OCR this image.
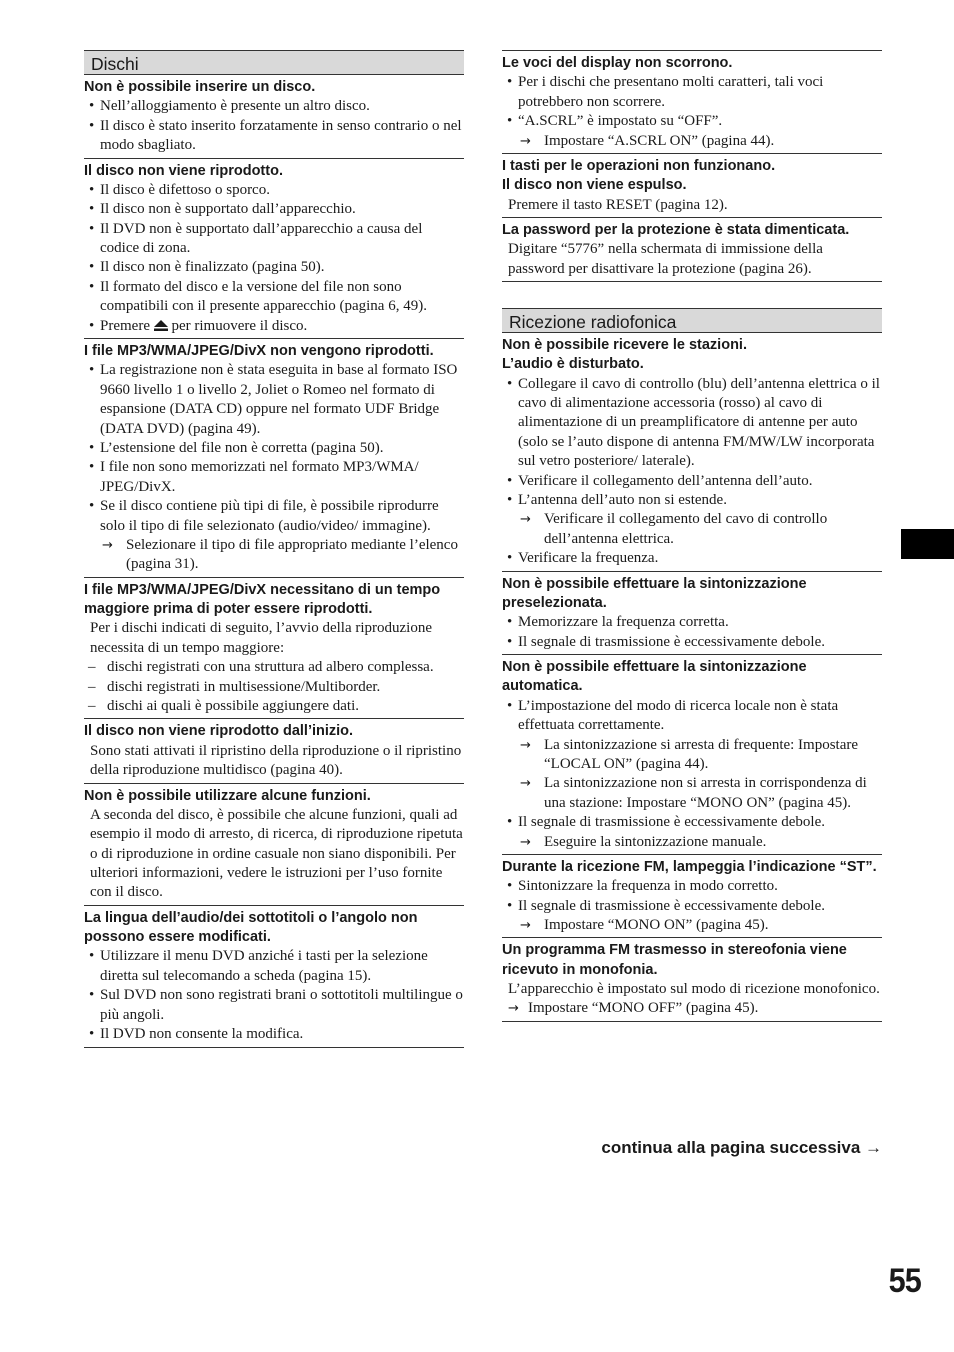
Dischi
Non è possibile inserire un disco.
• Nell’alloggiamento è presente un altro disco.
• Il disco è stato inserito forzatamente in senso contrario o nel modo sbagliato.
Il disco non viene riprodotto.
• Il disco è difettoso o sporco.
• Il disco non è supportato dall’apparecchio.
• Il DVD non è supportato dall’apparecchio a causa del codice di zona.
• Il disco non è finalizzato (pagina 50).
• Il formato del disco e la versione del file non sono compatibili con il presente apparecchio (pagina 6, 49).
• Premere  per rimuovere il disco.
I file MP3/WMA/JPEG/DivX non vengono riprodotti.
• La registrazione non è stata eseguita in base al formato ISO 9660 livello 1 o livello 2, Joliet o Romeo nel formato di espansione (DATA CD) oppure nel formato UDF Bridge (DATA DVD) (pagina 49).
• L’estensione del file non è corretta (pagina 50).
• I file non sono memorizzati nel formato MP3/WMA/ JPEG/DivX.
• Se il disco contiene più tipi di file, è possibile riprodurre solo il tipo di file selezionato (audio/video/ immagine).
→ Selezionare il tipo di file appropriato mediante l’elenco (pagina 31).
I file MP3/WMA/JPEG/DivX necessitano di un tempo maggiore prima di poter essere riprodotti.
Per i dischi indicati di seguito, l’avvio della riproduzione necessita di un tempo maggiore:
– dischi registrati con una struttura ad albero complessa.
– dischi registrati in multisessione/Multiborder.
– dischi ai quali è possibile aggiungere dati.
Il disco non viene riprodotto dall’inizio.
Sono stati attivati il ripristino della riproduzione o il ripristino della riproduzione multidisco (pagina 40).
Non è possibile utilizzare alcune funzioni.
A seconda del disco, è possibile che alcune funzioni, quali ad esempio il modo di arresto, di ricerca, di riproduzione ripetuta o di riproduzione in ordine casuale non siano disponibili. Per ulteriori informazioni, vedere le istruzioni per l’uso fornite con il disco.
La lingua dell’audio/dei sottotitoli o l’angolo non possono essere modificati.
• Utilizzare il menu DVD anziché i tasti per la selezione diretta sul telecomando a scheda (pagina 15).
• Sul DVD non sono registrati brani o sottotitoli multilingue o più angoli.
• Il DVD non consente la modifica.
Le voci del display non scorrono.
• Per i dischi che presentano molti caratteri, tali voci potrebbero non scorrere.
• “A.SCRL” è impostato su “OFF”.
→ Impostare “A.SCRL ON” (pagina 44).
I tasti per le operazioni non funzionano.
Il disco non viene espulso.
Premere il tasto RESET (pagina 12).
La password per la protezione è stata dimenticata.
Digitare “5776” nella schermata di immissione della password per disattivare la protezione (pagina 26).
Ricezione radiofonica
Non è possibile ricevere le stazioni.
L’audio è disturbato.
• Collegare il cavo di controllo (blu) dell’antenna elettrica o il cavo di alimentazione accessoria (rosso) al cavo di alimentazione di un preamplificatore di antenne per auto (solo se l’auto dispone di antenna FM/MW/LW incorporata sul vetro posteriore/ laterale).
• Verificare il collegamento dell’antenna dell’auto.
• L’antenna dell’auto non si estende.
→ Verificare il collegamento del cavo di controllo dell’antenna elettrica.
• Verificare la frequenza.
Non è possibile effettuare la sintonizzazione preselezionata.
• Memorizzare la frequenza corretta.
• Il segnale di trasmissione è eccessivamente debole.
Non è possibile effettuare la sintonizzazione automatica.
• L’impostazione del modo di ricerca locale non è stata effettuata correttamente.
→ La sintonizzazione si arresta di frequente: Impostare “LOCAL ON” (pagina 44).
→ La sintonizzazione non si arresta in corrispondenza di una stazione: Impostare “MONO ON” (pagina 45).
• Il segnale di trasmissione è eccessivamente debole.
→ Eseguire la sintonizzazione manuale.
Durante la ricezione FM, lampeggia l’indicazione “ST”.
• Sintonizzare la frequenza in modo corretto.
• Il segnale di trasmissione è eccessivamente debole.
→ Impostare “MONO ON” (pagina 45).
Un programma FM trasmesso in stereofonia viene ricevuto in monofonia.
L’apparecchio è impostato sul modo di ricezione monofonico.
→ Impostare “MONO OFF” (pagina 45).
continua alla pagina successiva →
55
